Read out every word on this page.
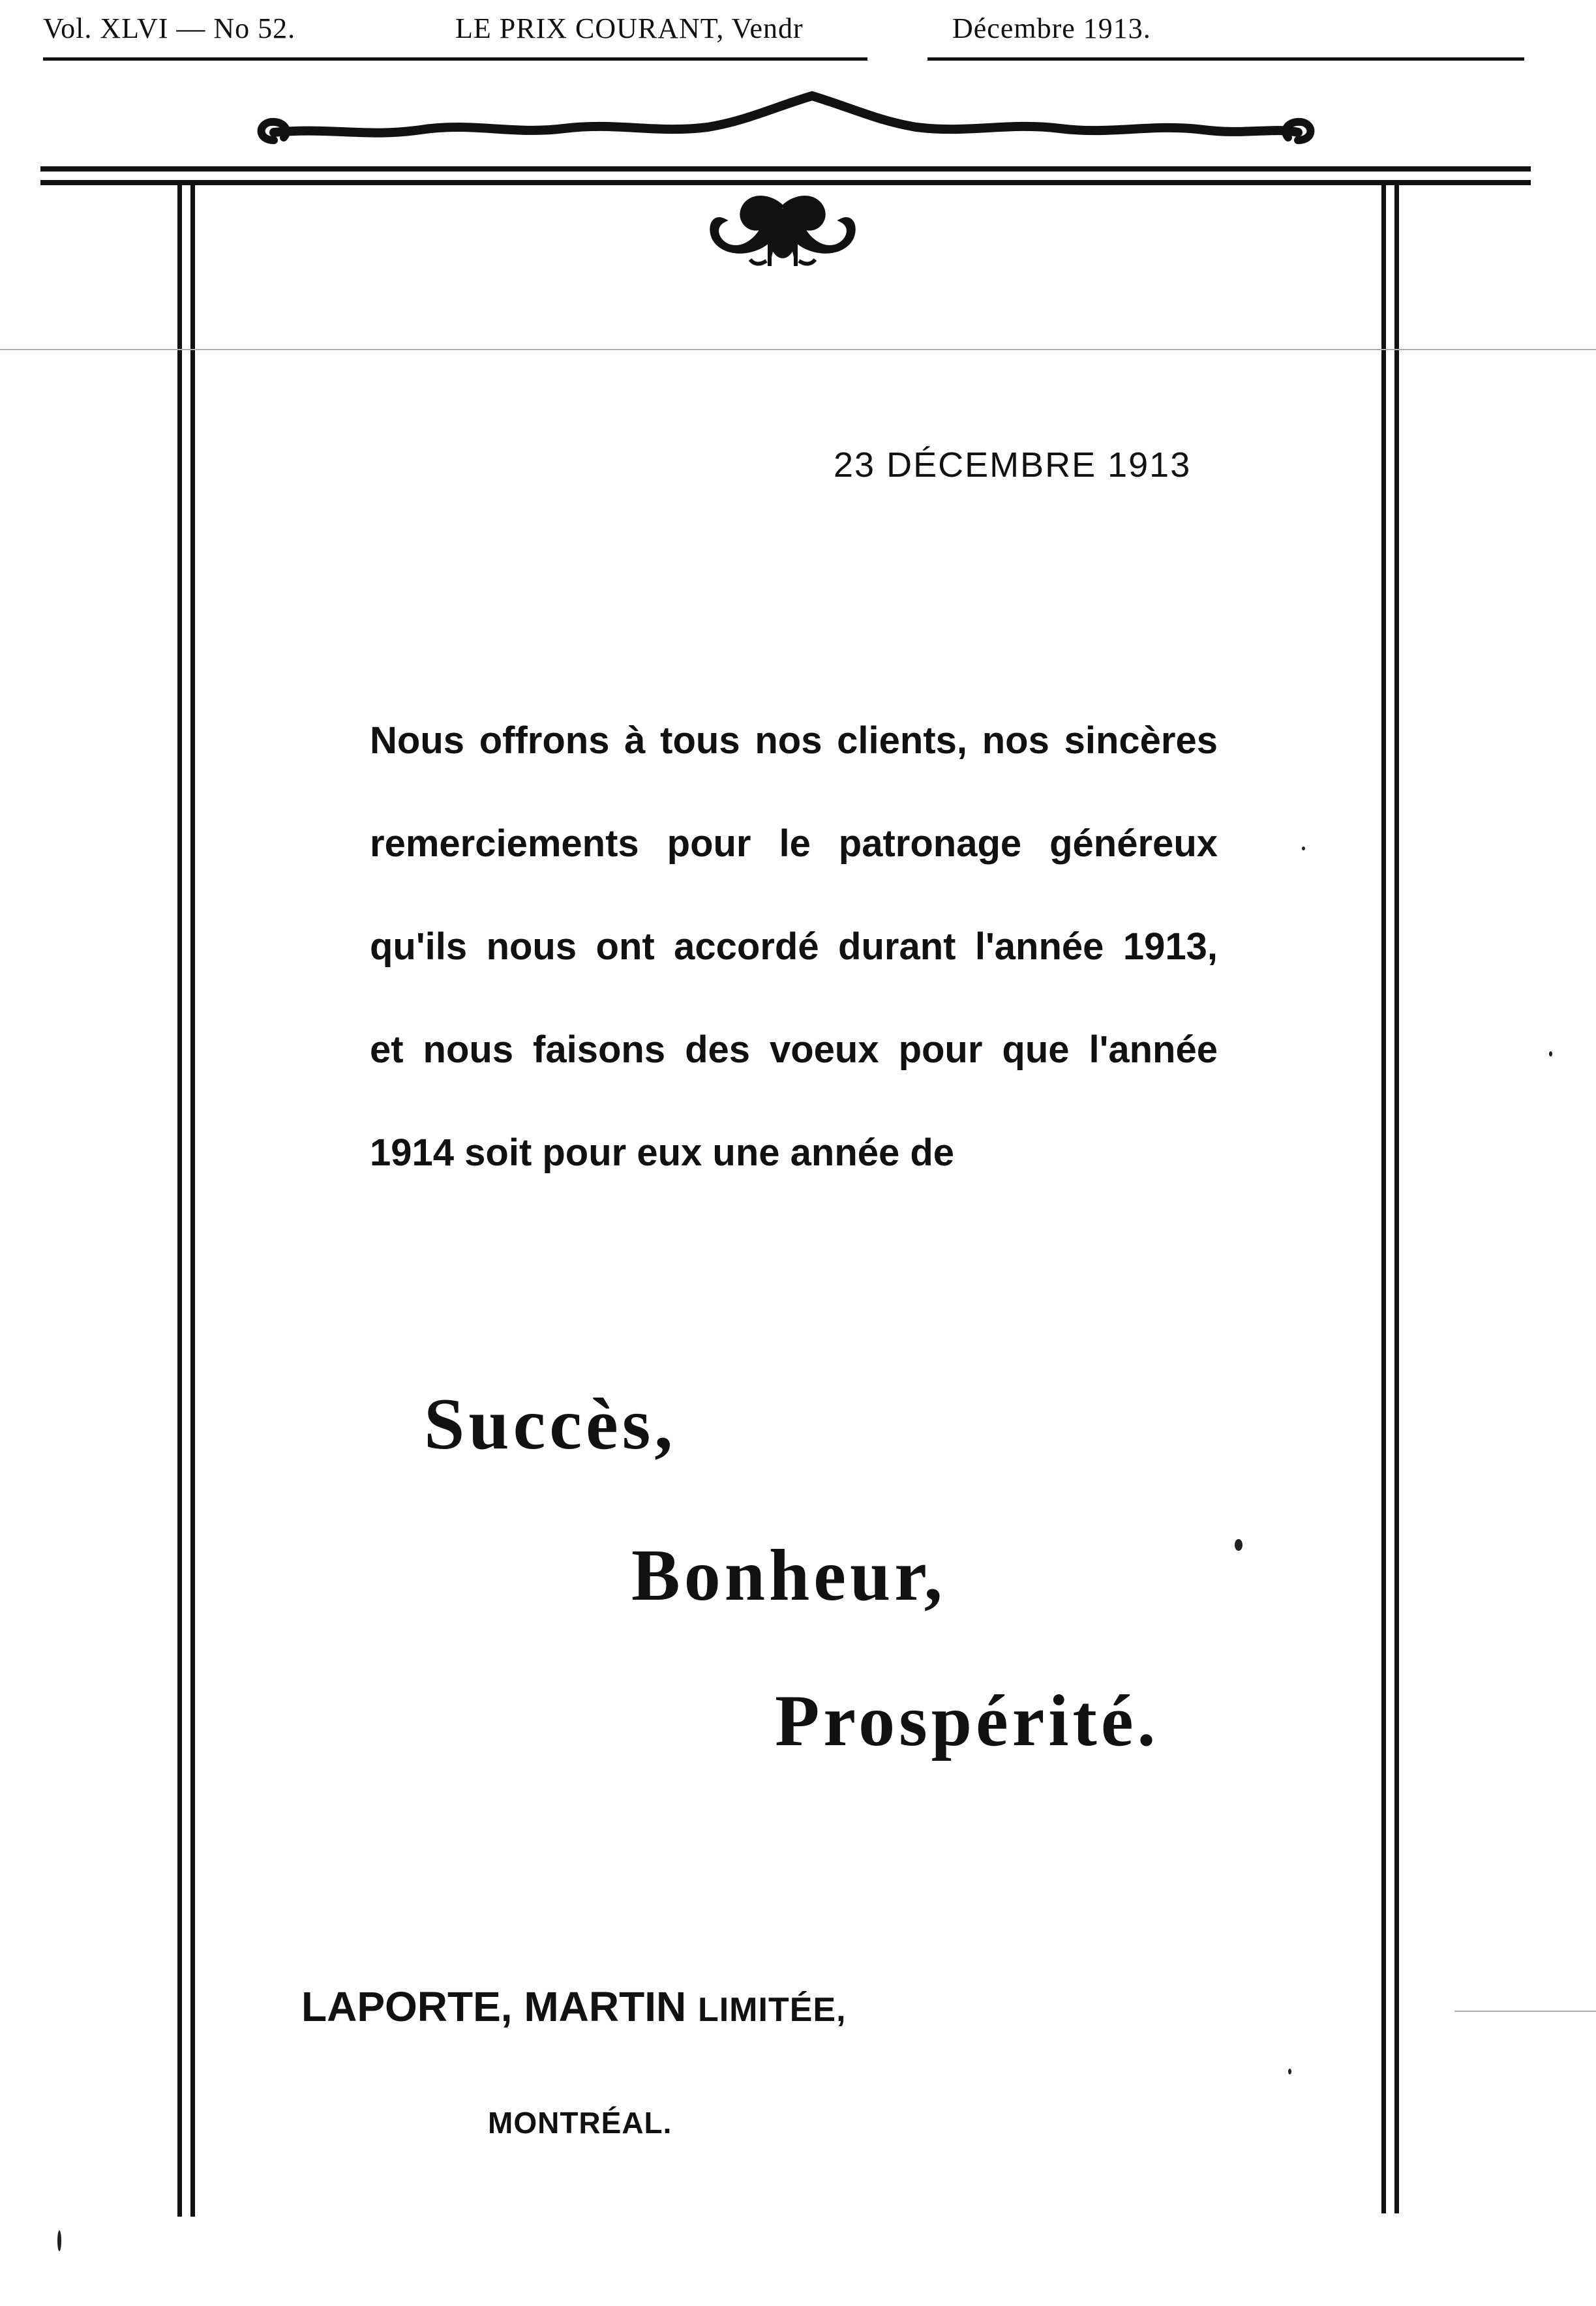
Vol. XLVI — No 52.	LE PRIX COURANT, Vendr	Décembre 1913.
23 DÉCEMBRE 1913
Nous offrons à tous nos clients, nos sincères
remerciements pour le patronage généreux
qu'ils nous ont accordé durant l'année 1913,
et nous faisons des voeux pour que l'année
1914 soit pour eux une année de
Succès,
Bonheur,
Prospérité.
LAPORTE, MARTIN LIMITÉE,
MONTRÉAL.
